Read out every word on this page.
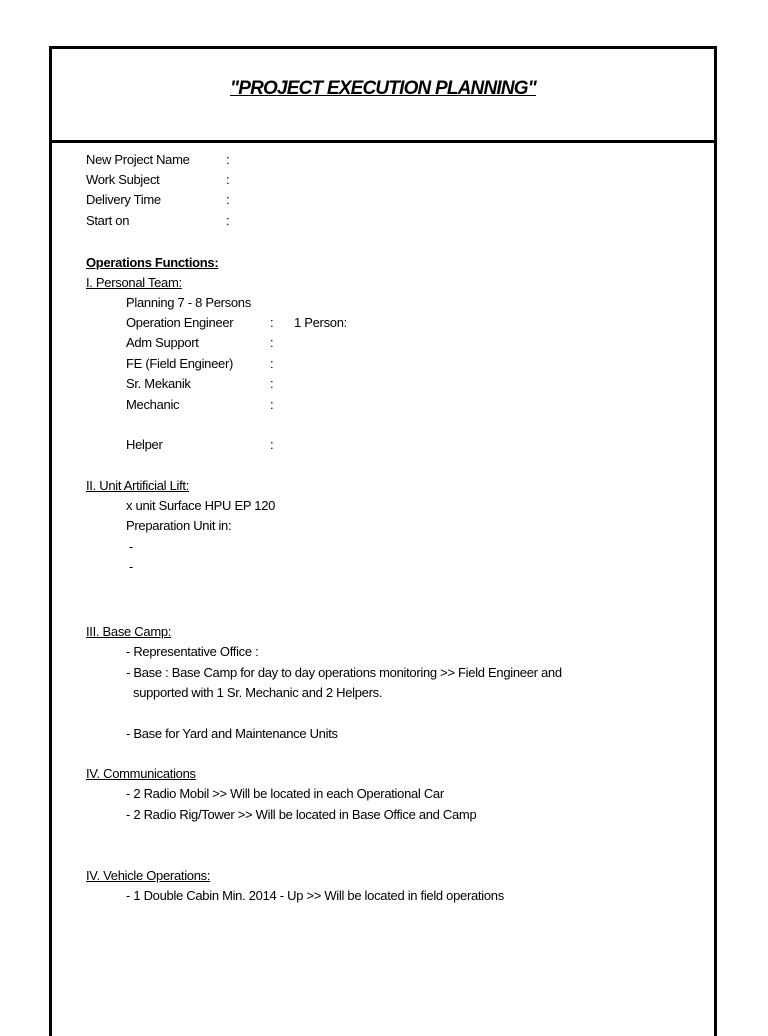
"PROJECT EXECUTION PLANNING"
New Project Name	:
Work Subject	:
Delivery Time	:
Start on	:
Operations Functions:
I. Personal Team:
Planning 7 - 8 Persons
Operation Engineer	: 1 Person:
Adm Support	:
FE (Field Engineer)	:
Sr. Mekanik	:
Mechanic	:
Helper	:
II. Unit Artificial Lift:
x unit Surface HPU EP 120
Preparation Unit in:
-
-
III. Base Camp:
- Representative Office :
- Base : Base Camp for day to day operations monitoring >> Field Engineer and
supported with 1 Sr. Mechanic and 2 Helpers.
- Base for Yard and Maintenance Units
IV. Communications
- 2 Radio Mobil >> Will be located in each Operational Car
- 2 Radio Rig/Tower >> Will be located in Base Office and Camp
IV. Vehicle Operations:
- 1 Double Cabin Min. 2014 - Up >> Will be located in field operations
